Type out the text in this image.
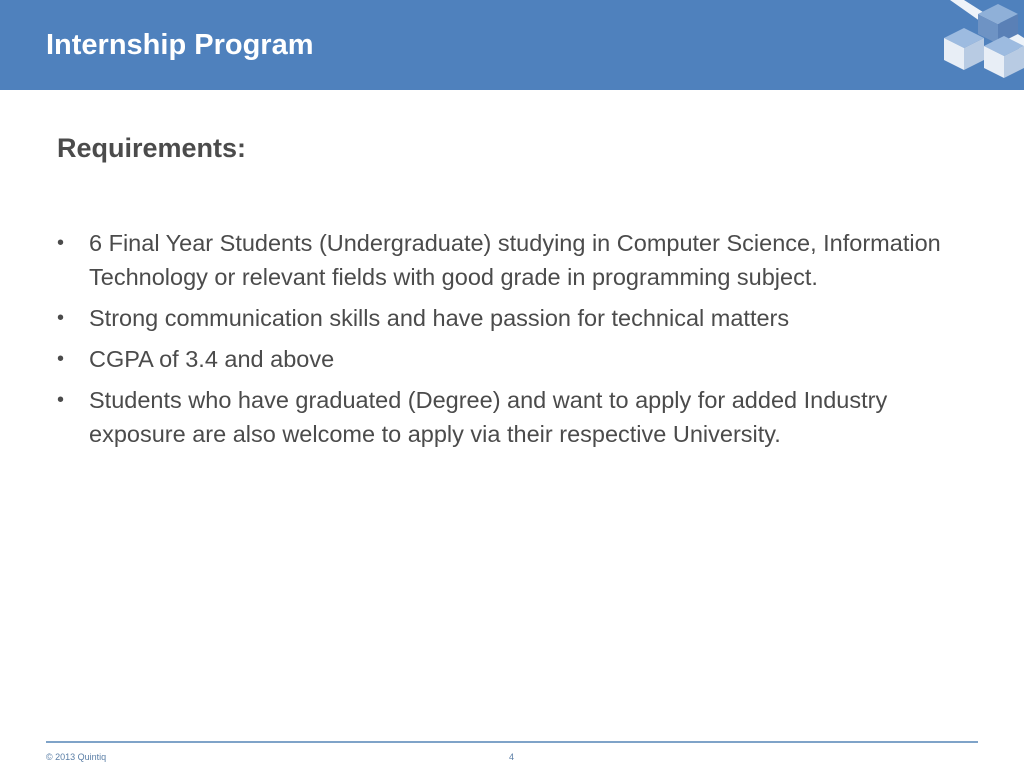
Internship Program
Requirements:
• 6 Final Year Students (Undergraduate) studying in Computer Science, Information Technology or relevant fields with good grade in programming subject.
• Strong communication skills and have passion for technical matters
• CGPA of 3.4 and above
• Students who have graduated (Degree) and want to apply for added Industry exposure are also welcome to apply via their respective University.
© 2013 Quintiq	4
